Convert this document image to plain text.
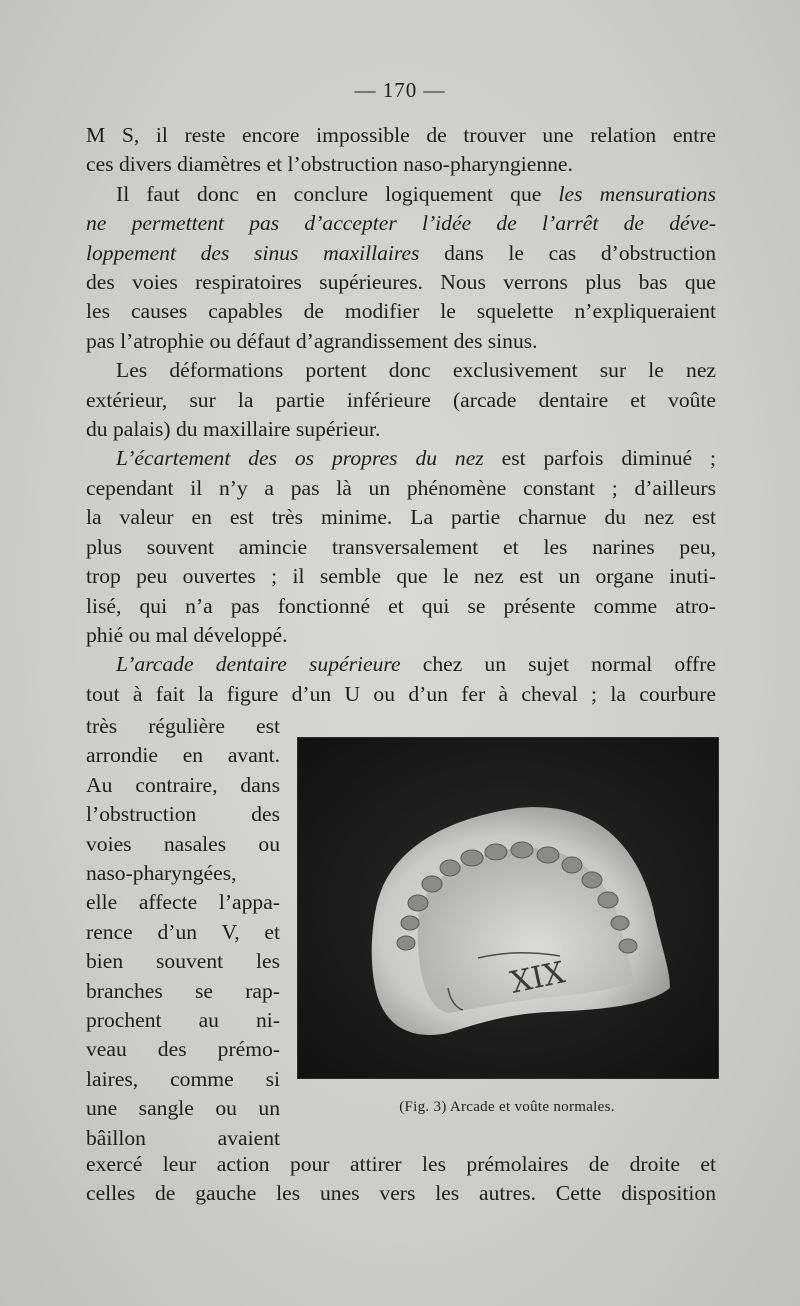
— 170 —
M S, il reste encore impossible de trouver une relation entre
ces divers diamètres et l’obstruction naso-pharyngienne.
Il faut donc en conclure logiquement que les mensurations
ne permettent pas d’accepter l’idée de l’arrêt de déve-
loppement des sinus maxillaires dans le cas d’obstruction
des voies respiratoires supérieures. Nous verrons plus bas que
les causes capables de modifier le squelette n’expliqueraient
pas l’atrophie ou défaut d’agrandissement des sinus.
Les déformations portent donc exclusivement sur le nez
extérieur, sur la partie inférieure (arcade dentaire et voûte
du palais) du maxillaire supérieur.
L’écartement des os propres du nez est parfois diminué ;
cependant il n’y a pas là un phénomène constant ; d’ailleurs
la valeur en est très minime. La partie charnue du nez est
plus souvent amincie transversalement et les narines peu,
trop peu ouvertes ; il semble que le nez est un organe inuti-
lisé, qui n’a pas fonctionné et qui se présente comme atro-
phié ou mal développé.
L’arcade dentaire supérieure chez un sujet normal offre
tout à fait la figure d’un U ou d’un fer à cheval ; la courbure
très régulière est
arrondie en avant.
Au contraire, dans
l’obstruction des
voies nasales ou
naso-pharyngées,
elle affecte l’appa-
rence d’un V, et
bien souvent les
branches se rap-
prochent au ni-
veau des prémo-
laires, comme si
une sangle ou un
bâillon avaient
XIX
(Fig. 3) Arcade et voûte normales.
exercé leur action pour attirer les prémolaires de droite et
celles de gauche les unes vers les autres. Cette disposition
